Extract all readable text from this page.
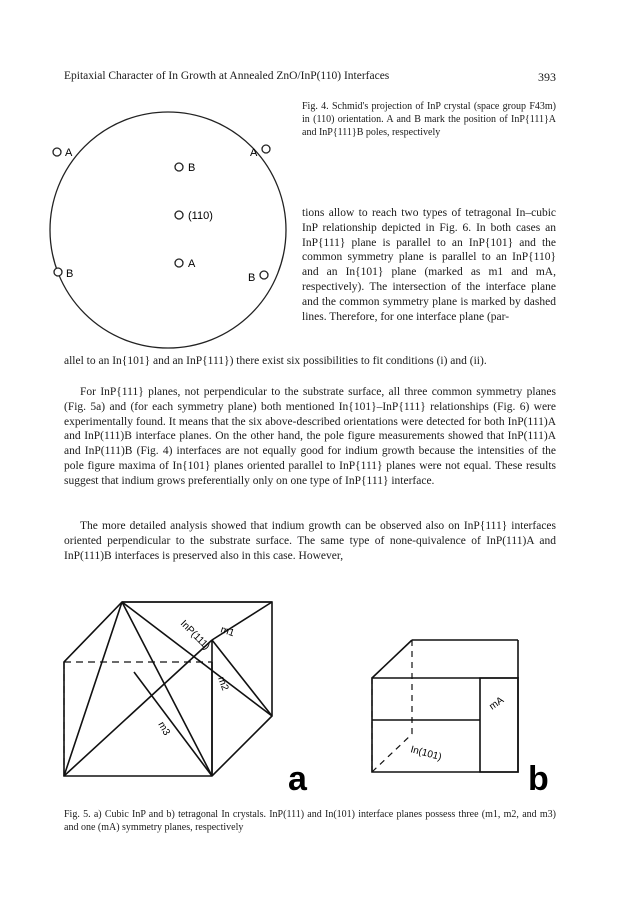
Epitaxial Character of In Growth at Annealed ZnO/InP(110) Interfaces	393
A	A
B	B
B
(110)
A
Fig. 4. Schmid's projection of InP crystal (space group F43m) in (110) orientation. A and B mark the position of InP{111}A and InP{111}B poles, respectively
tions allow to reach two types of tetragonal In–cubic InP relationship depicted in Fig. 6. In both cases an InP{111} plane is parallel to an InP{101} and the common symmetry plane is parallel to an InP{110} and an In{101} plane (marked as m1 and mA, respectively). The intersection of the interface plane and the common symmetry plane is marked by dashed lines. Therefore, for one interface plane (par-
allel to an In{101} and an InP{111}) there exist six possibilities to fit conditions (i) and (ii).
For InP{111} planes, not perpendicular to the substrate surface, all three common symmetry planes (Fig. 5a) and (for each symmetry plane) both mentioned In{101}–InP{111} relationships (Fig. 6) were experimentally found. It means that the six above-described orientations were detected for both InP(111)A and InP(111)B interface planes. On the other hand, the pole figure measurements showed that InP(111)A and InP(111)B (Fig. 4) interfaces are not equally good for indium growth because the intensities of the pole figure maxima of In{101} planes oriented parallel to InP{111} planes were not equal. These results suggest that indium grows preferentially only on one type of InP{111} interface.
The more detailed analysis showed that indium growth can be observed also on InP{111} interfaces oriented perpendicular to the substrate surface. The same type of none-quivalence of InP(111)A and InP(111)B interfaces is preserved also in this case. However,
InP(111) m1
m2
m3
a
In(101)
mA
b
Fig. 5. a) Cubic InP and b) tetragonal In crystals. InP(111) and In(101) interface planes possess three (m1, m2, and m3) and one (mA) symmetry planes, respectively
